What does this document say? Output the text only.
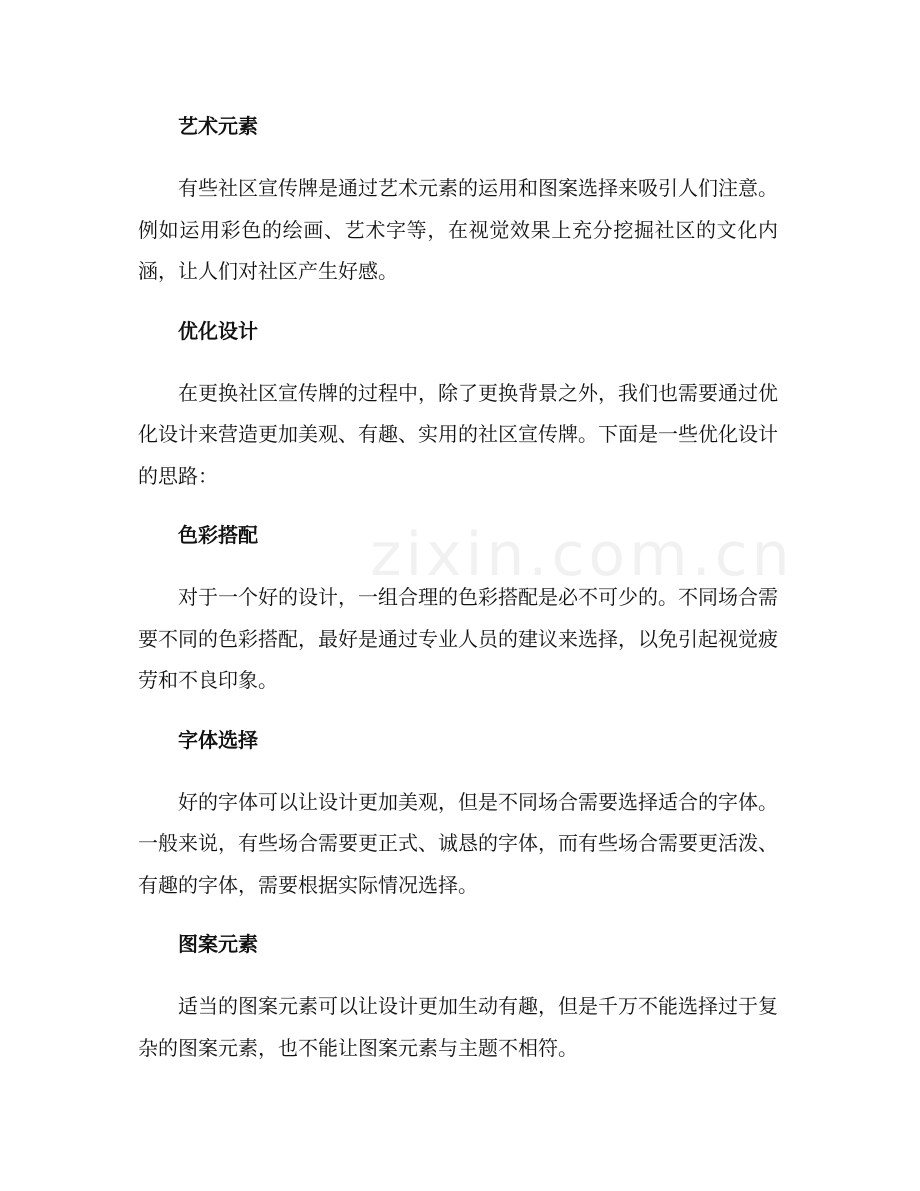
zixin.com.cn
艺术元素

有些社区宣传牌是通过艺术元素的运用和图案选择来吸引人们注意。例如运用彩色的绘画、艺术字等，在视觉效果上充分挖掘社区的文化内涵，让人们对社区产生好感。

优化设计

在更换社区宣传牌的过程中，除了更换背景之外，我们也需要通过优化设计来营造更加美观、有趣、实用的社区宣传牌。下面是一些优化设计的思路：

色彩搭配

对于一个好的设计，一组合理的色彩搭配是必不可少的。不同场合需要不同的色彩搭配，最好是通过专业人员的建议来选择，以免引起视觉疲劳和不良印象。

字体选择

好的字体可以让设计更加美观，但是不同场合需要选择适合的字体。一般来说，有些场合需要更正式、诚恳的字体，而有些场合需要更活泼、有趣的字体，需要根据实际情况选择。

图案元素

适当的图案元素可以让设计更加生动有趣，但是千万不能选择过于复杂的图案元素，也不能让图案元素与主题不相符。
